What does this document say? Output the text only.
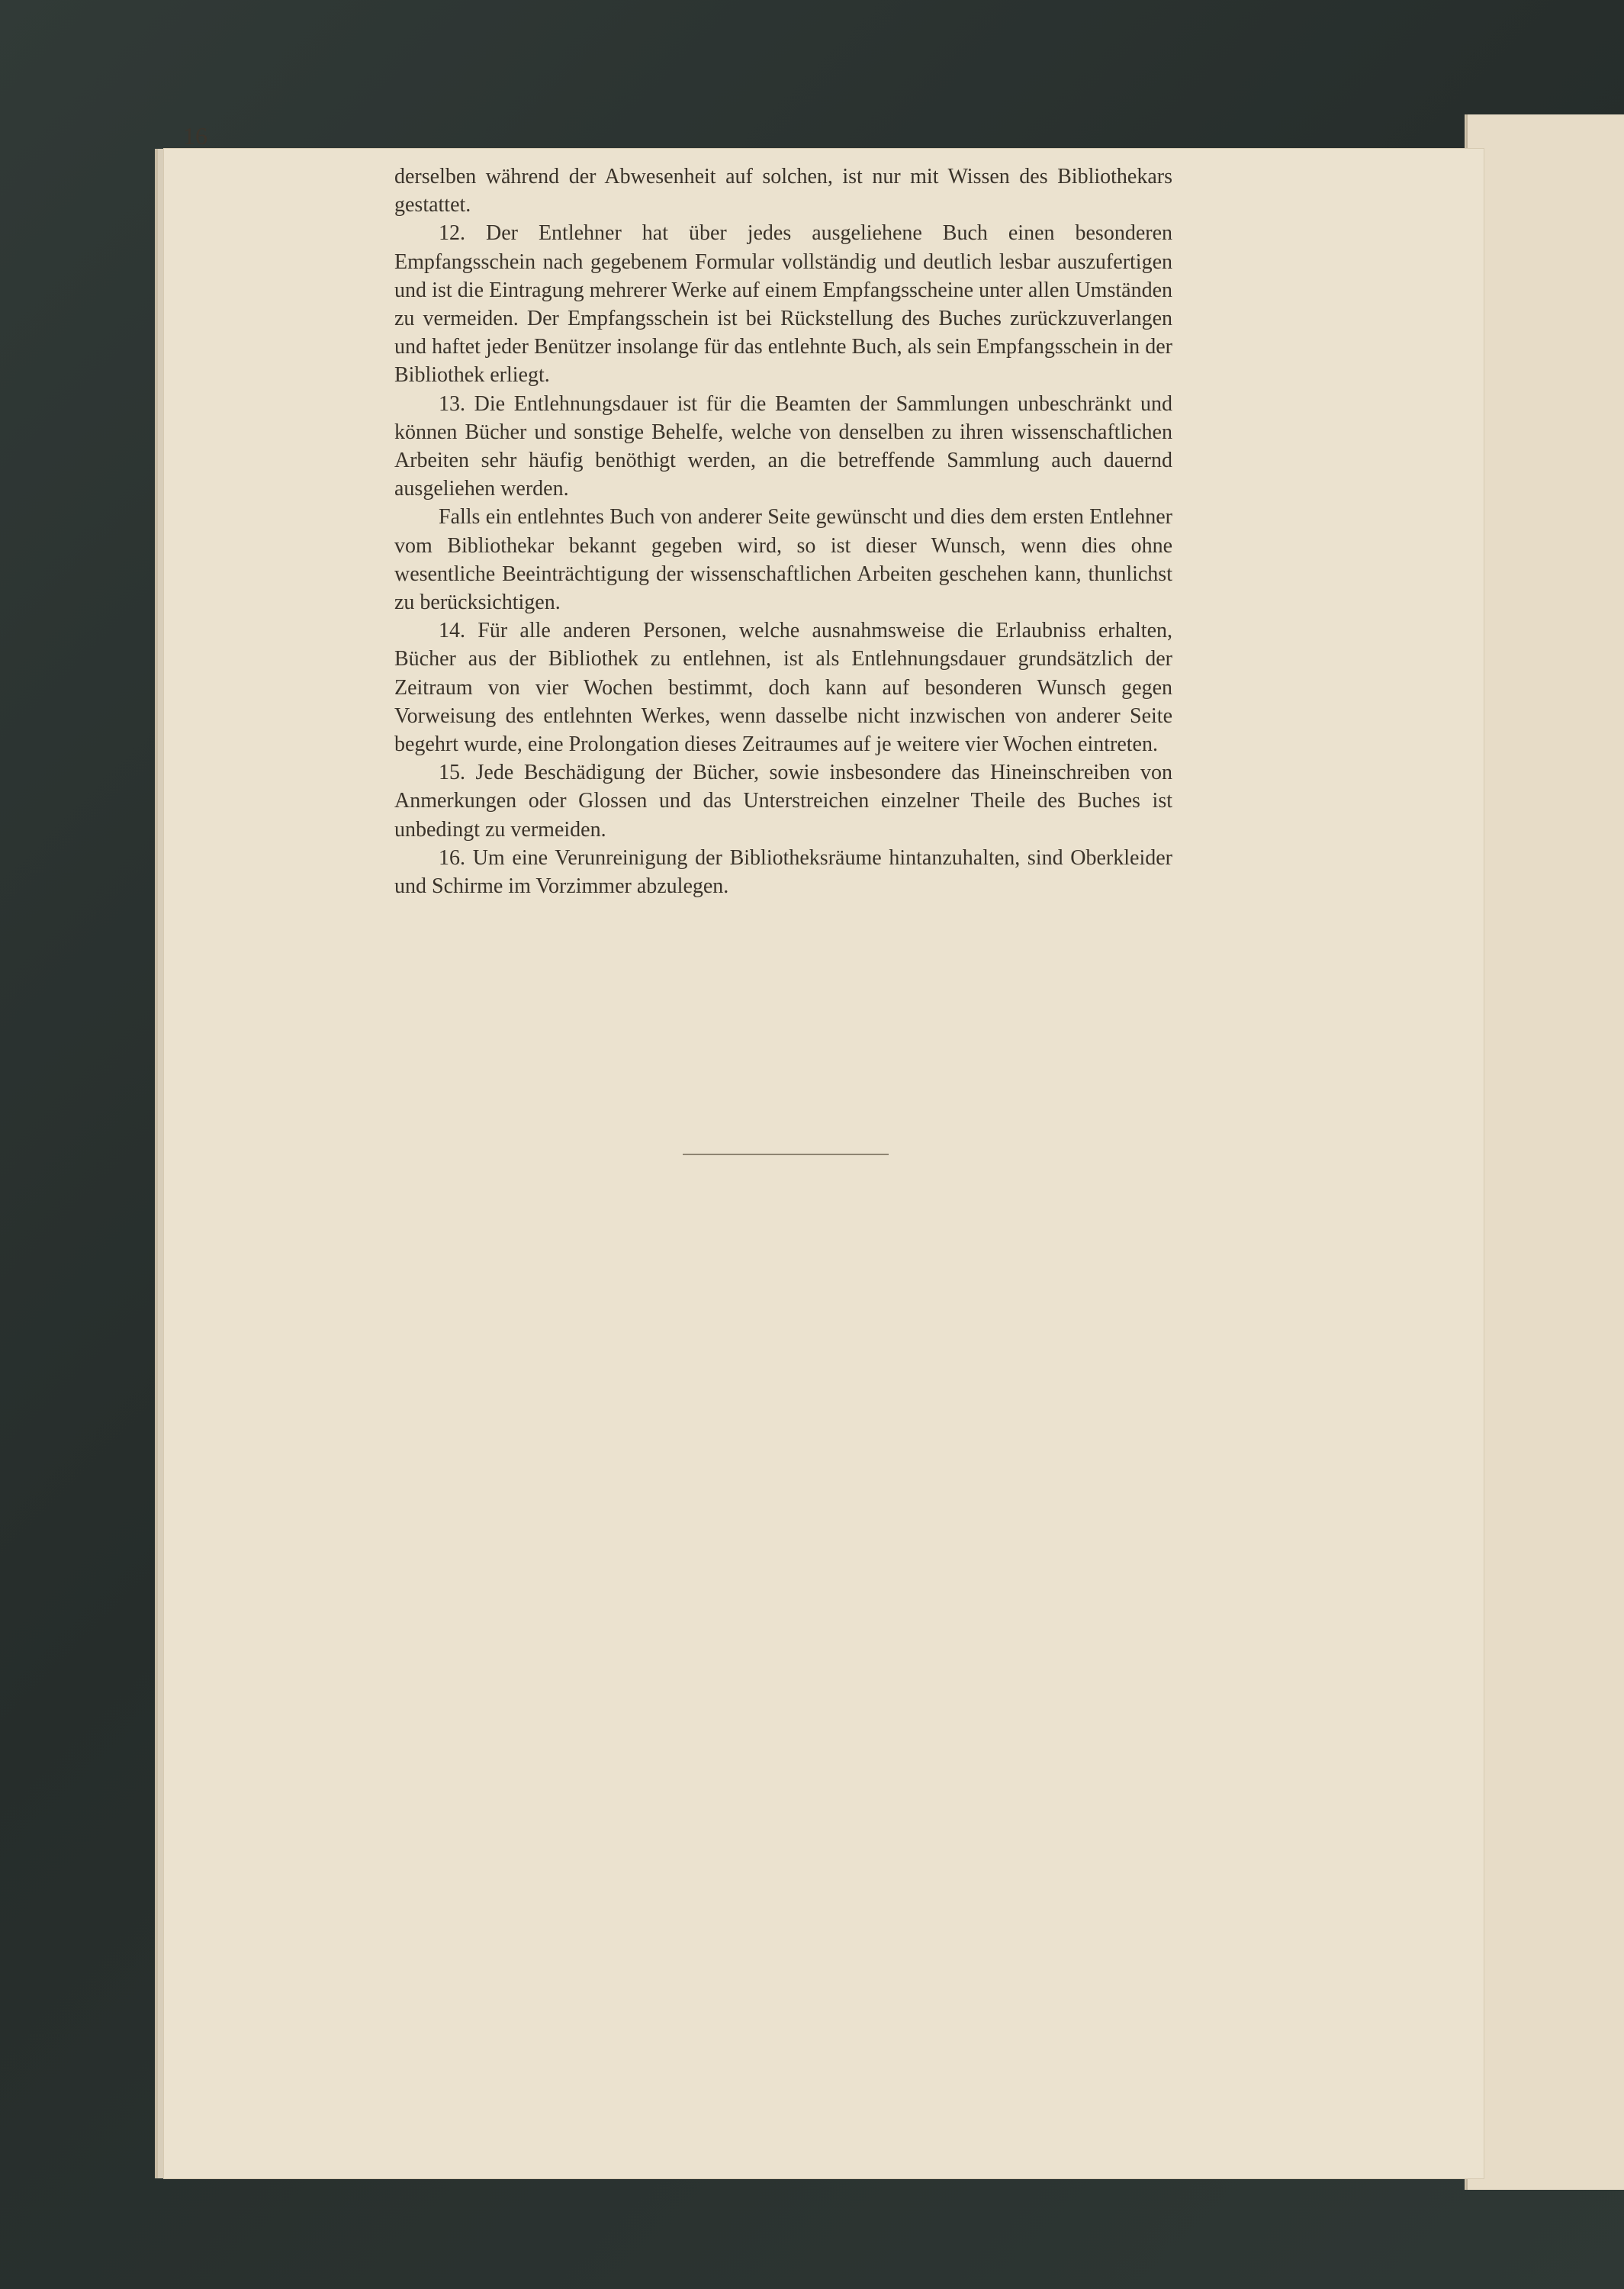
16

derselben während der Abwesenheit auf solchen, ist nur mit Wissen des Bibliothekars gestattet.

12. Der Entlehner hat über jedes ausgeliehene Buch einen besonderen Empfangsschein nach gegebenem Formular vollständig und deutlich lesbar auszufertigen und ist die Eintragung mehrerer Werke auf einem Empfangsscheine unter allen Umständen zu vermeiden. Der Empfangsschein ist bei Rückstellung des Buches zurückzuverlangen und haftet jeder Benützer insolange für das entlehnte Buch, als sein Empfangsschein in der Bibliothek erliegt.

13. Die Entlehnungsdauer ist für die Beamten der Sammlungen unbeschränkt und können Bücher und sonstige Behelfe, welche von denselben zu ihren wissenschaftlichen Arbeiten sehr häufig benöthigt werden, an die betreffende Sammlung auch dauernd ausgeliehen werden.

Falls ein entlehntes Buch von anderer Seite gewünscht und dies dem ersten Entlehner vom Bibliothekar bekannt gegeben wird, so ist dieser Wunsch, wenn dies ohne wesentliche Beeinträchtigung der wissenschaftlichen Arbeiten geschehen kann, thunlichst zu berücksichtigen.

14. Für alle anderen Personen, welche ausnahmsweise die Erlaubniss erhalten, Bücher aus der Bibliothek zu entlehnen, ist als Entlehnungsdauer grundsätzlich der Zeitraum von vier Wochen bestimmt, doch kann auf besonderen Wunsch gegen Vorweisung des entlehnten Werkes, wenn dasselbe nicht inzwischen von anderer Seite begehrt wurde, eine Prolongation dieses Zeitraumes auf je weitere vier Wochen eintreten.

15. Jede Beschädigung der Bücher, sowie insbesondere das Hineinschreiben von Anmerkungen oder Glossen und das Unterstreichen einzelner Theile des Buches ist unbedingt zu vermeiden.

16. Um eine Verunreinigung der Bibliotheksräume hintanzuhalten, sind Oberkleider und Schirme im Vorzimmer abzulegen.
